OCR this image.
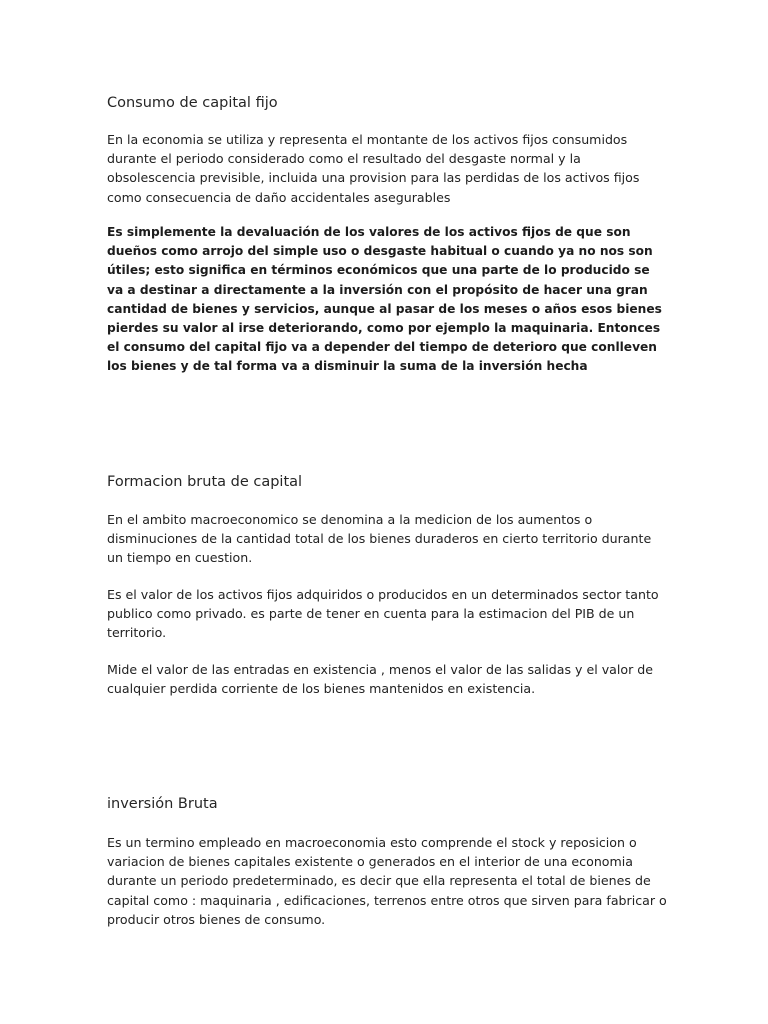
Consumo de capital fijo

En la economia se utiliza y representa el montante de los activos fijos consumidos durante el periodo considerado como el resultado del desgaste normal y la obsolescencia previsible, incluida una provision para las perdidas de los activos fijos como consecuencia de daño accidentales asegurables

Es simplemente la devaluación de los valores de los activos fijos de que son dueños como arrojo del simple uso o desgaste habitual o cuando ya no nos son útiles; esto significa en términos económicos que una parte de lo producido se va a destinar a directamente a la inversión con el propósito de hacer una gran cantidad de bienes y servicios, aunque al pasar de los meses o años esos bienes pierdes su valor al irse deteriorando, como por ejemplo la maquinaria. Entonces el consumo del capital fijo va a depender del tiempo de deterioro que conlleven los bienes y de tal forma va a disminuir la suma de la inversión hecha

Formacion bruta de capital

En el ambito macroeconomico se denomina a la medicion de los aumentos o disminuciones de la cantidad total de los bienes duraderos en cierto territorio durante un tiempo en cuestion.

Es el valor de los activos fijos adquiridos o producidos en un determinados sector tanto publico como privado. es parte de tener en cuenta para la estimacion del PIB de un territorio.

Mide el valor de las entradas en existencia , menos el valor de las salidas y el valor de cualquier perdida corriente de los bienes mantenidos en existencia.

inversión Bruta

Es un termino empleado en macroeconomia esto comprende el stock y reposicion o variacion de bienes capitales existente o generados en el interior de una economia durante un periodo predeterminado, es decir que ella representa el total de bienes de capital como : maquinaria , edificaciones, terrenos entre otros que sirven para fabricar o producir otros bienes de consumo.
